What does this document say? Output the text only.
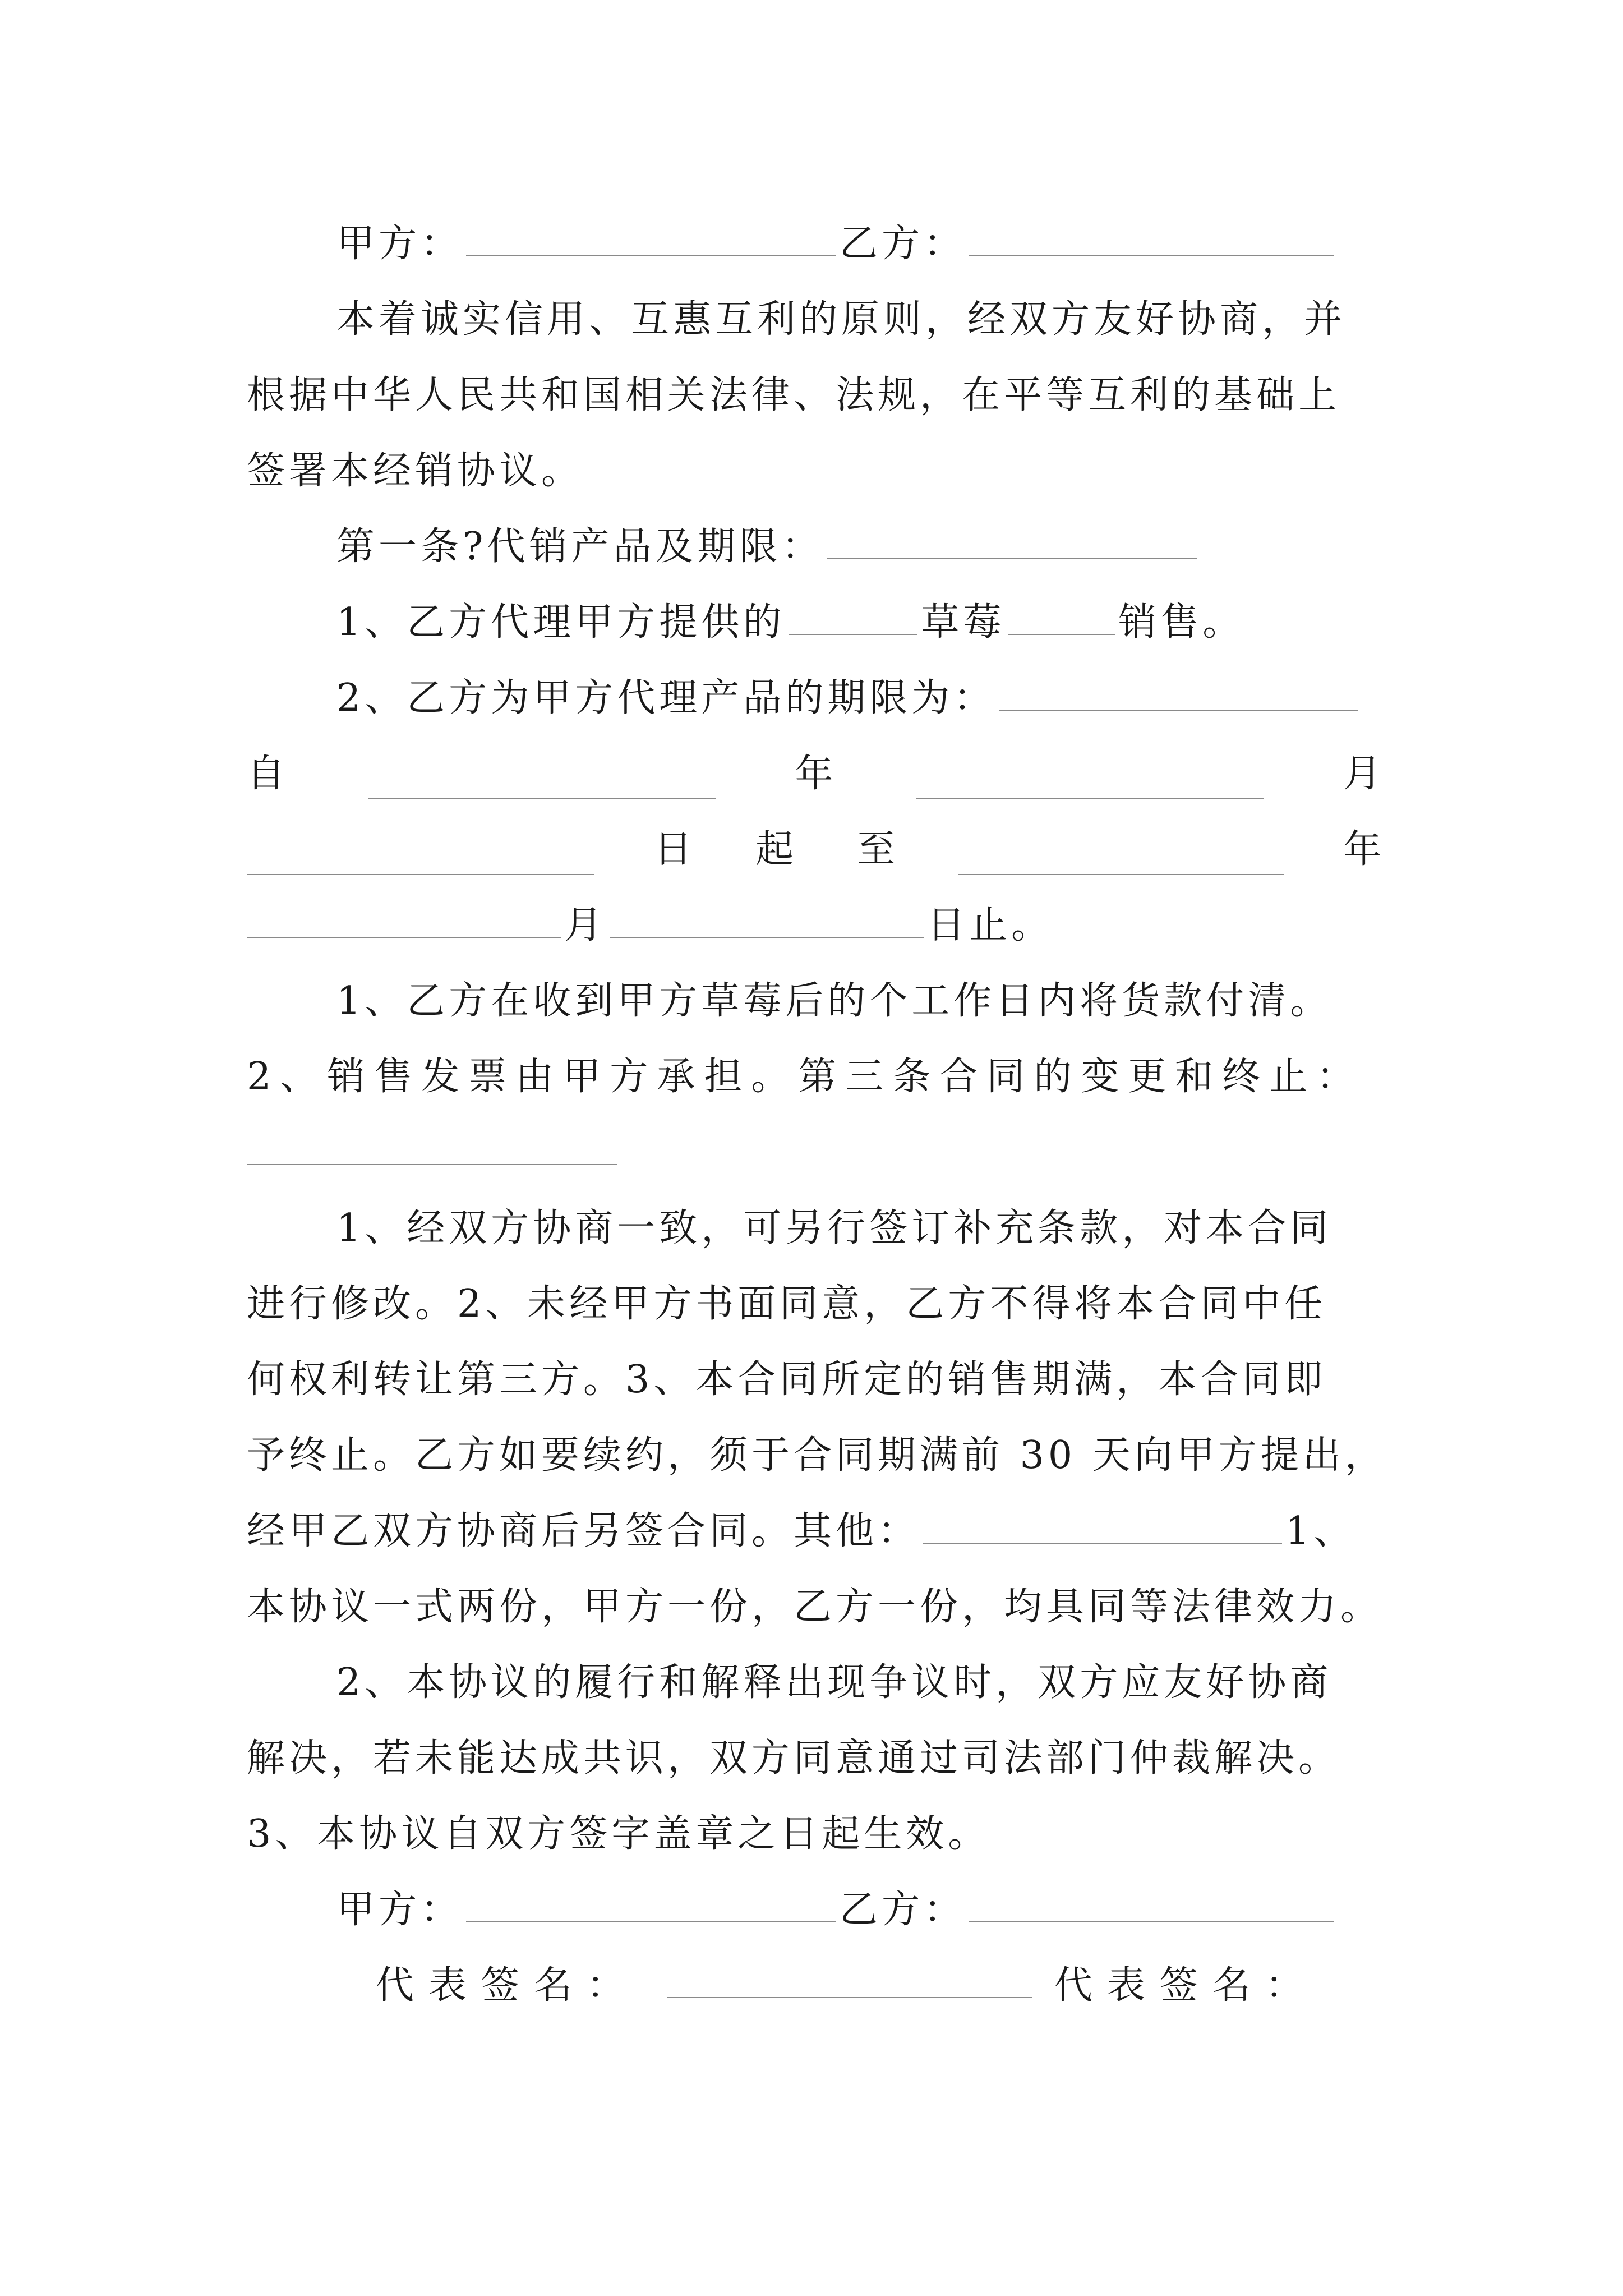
甲方：	乙方：
本着诚实信用、互惠互利的原则，经双方友好协商，并
根据中华人民共和国相关法律、法规，在平等互利的基础上
签署本经销协议。
第一条?代销产品及期限：
1、乙方代理甲方提供的	草莓	销售。
2、乙方为甲方代理产品的期限为：
自	年	月
日 起 至	年
月	日止。
1、乙方在收到甲方草莓后的个工作日内将货款付清。
2、销售发票由甲方承担。第三条合同的变更和终止：
1、经双方协商一致，可另行签订补充条款，对本合同
进行修改。2、未经甲方书面同意，乙方不得将本合同中任
何权利转让第三方。3、本合同所定的销售期满，本合同即
予终止。乙方如要续约，须于合同期满前 30 天向甲方提出，
经甲乙双方协商后另签合同。其他：	1、
本协议一式两份，甲方一份，乙方一份，均具同等法律效力。
2、本协议的履行和解释出现争议时，双方应友好协商
解决，若未能达成共识，双方同意通过司法部门仲裁解决。
3、本协议自双方签字盖章之日起生效。
甲方：	乙方：
代表签名：	代表签名：
